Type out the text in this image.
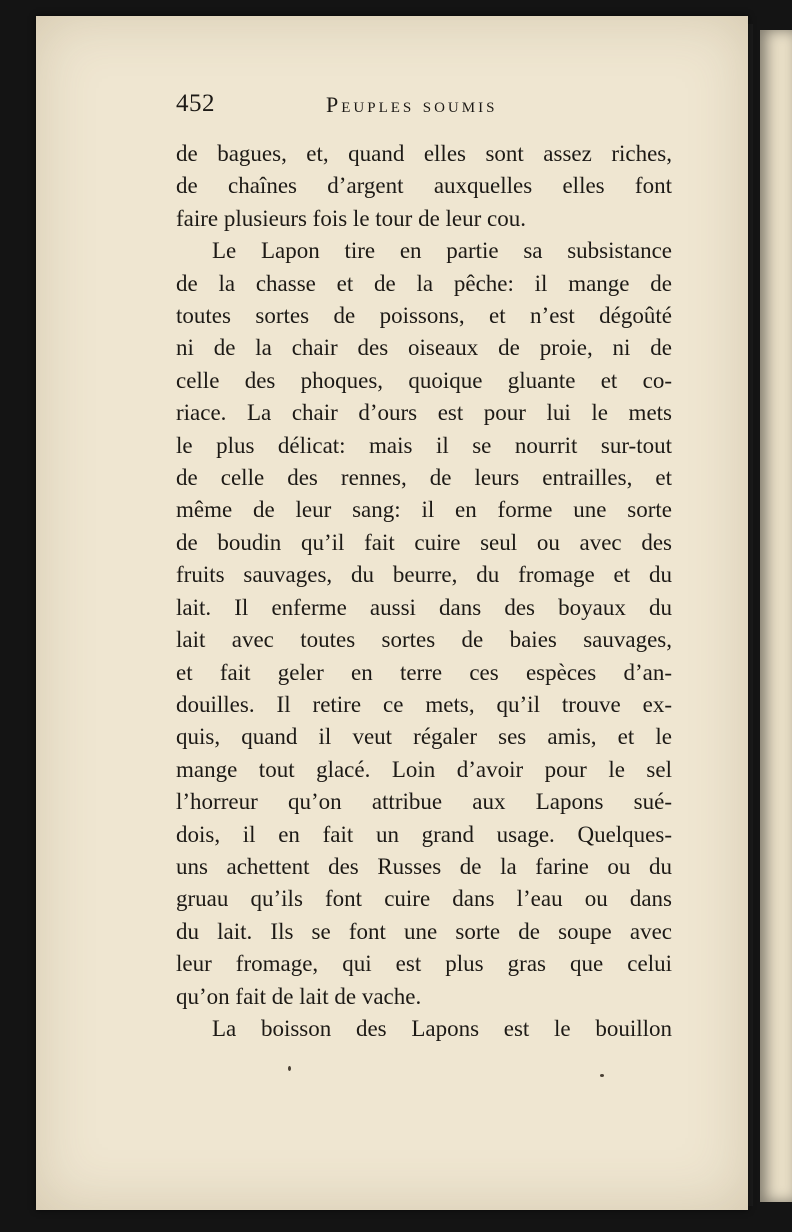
452	Peuples soumis
de bagues, et, quand elles sont assez riches,
de chaînes d’argent auxquelles elles font
faire plusieurs fois le tour de leur cou.
Le Lapon tire en partie sa subsistance
de la chasse et de la pêche: il mange de
toutes sortes de poissons, et n’est dégoûté
ni de la chair des oiseaux de proie, ni de
celle des phoques, quoique gluante et co-
riace. La chair d’ours est pour lui le mets
le plus délicat: mais il se nourrit sur-tout
de celle des rennes, de leurs entrailles, et
même de leur sang: il en forme une sorte
de boudin qu’il fait cuire seul ou avec des
fruits sauvages, du beurre, du fromage et du
lait. Il enferme aussi dans des boyaux du
lait avec toutes sortes de baies sauvages,
et fait geler en terre ces espèces d’an-
douilles. Il retire ce mets, qu’il trouve ex-
quis, quand il veut régaler ses amis, et le
mange tout glacé. Loin d’avoir pour le sel
l’horreur qu’on attribue aux Lapons sué-
dois, il en fait un grand usage. Quelques-
uns achettent des Russes de la farine ou du
gruau qu’ils font cuire dans l’eau ou dans
du lait. Ils se font une sorte de soupe avec
leur fromage, qui est plus gras que celui
qu’on fait de lait de vache.
La boisson des Lapons est le bouillon
